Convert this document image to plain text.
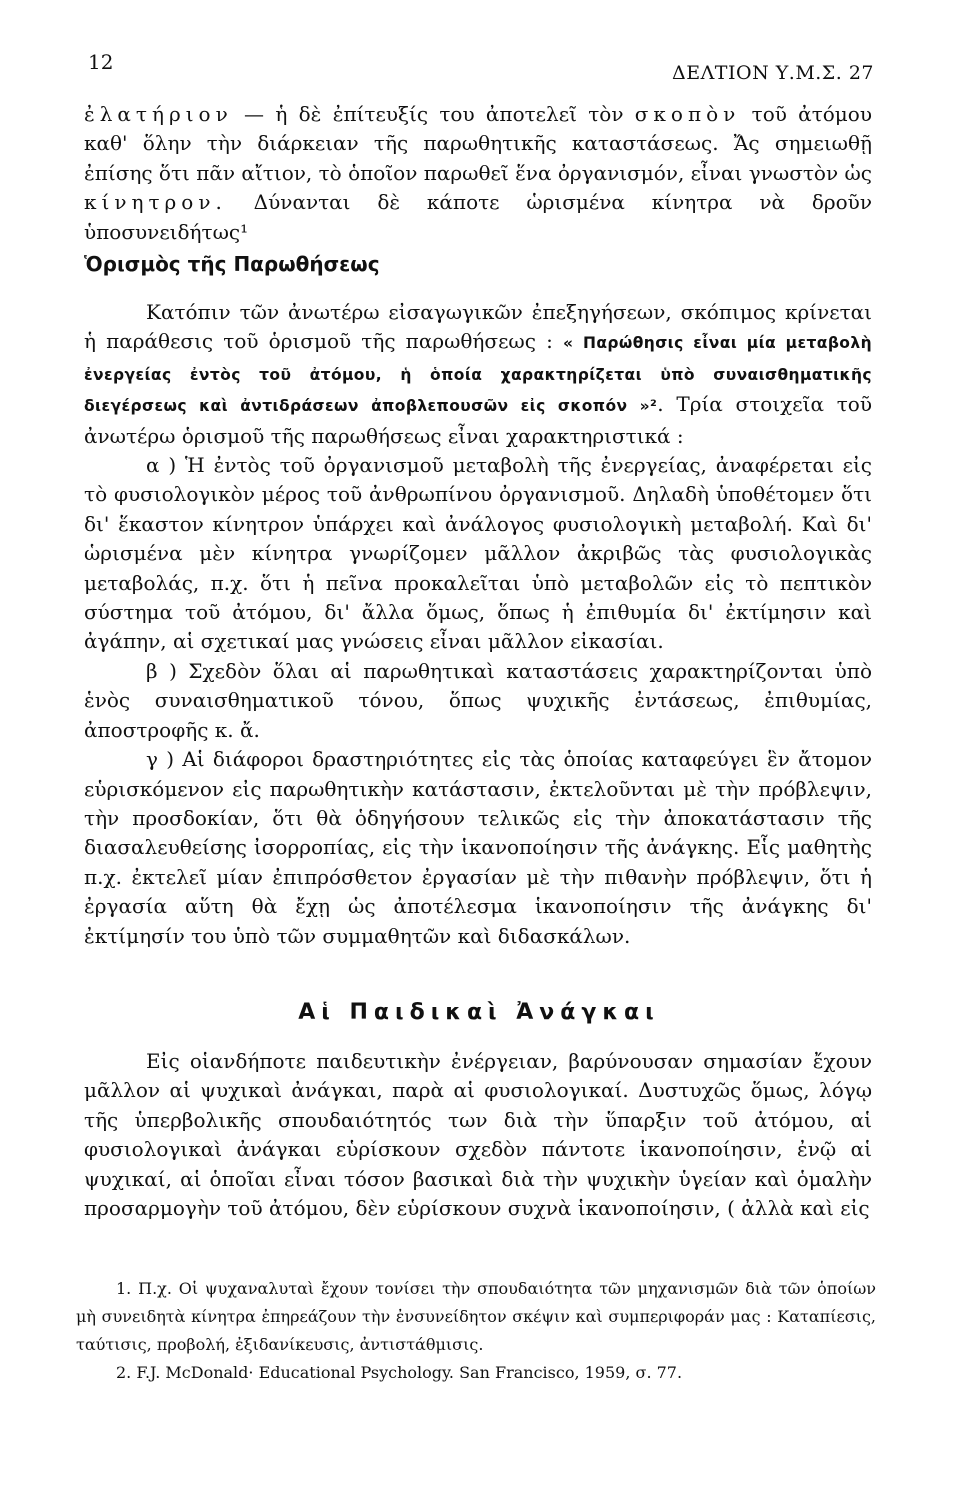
12	ΔΕΛΤΙΟΝ Υ.Μ.Σ. 27

ἐλατήριον — ἡ δὲ ἐπίτευξίς του ἀποτελεῖ τὸν σκοπὸν τοῦ ἀτόμου καθ' ὅλην τὴν διάρκειαν τῆς παρωθητικῆς καταστάσεως. Ἄς σημειωθῇ ἐπίσης ὅτι πᾶν αἴτιον, τὸ ὁποῖον παρωθεῖ ἕνα ὀργανισμόν, εἶναι γνωστὸν ὡς κίνητρον. Δύνανται δὲ κάποτε ὡρισμένα κίνητρα νὰ δροῦν ὑποσυνειδήτως¹

Ὁρισμὸς τῆς Παρωθήσεως

Κατόπιν τῶν ἀνωτέρω εἰσαγωγικῶν ἐπεξηγήσεων, σκόπιμος κρίνεται ἡ παράθεσις τοῦ ὁρισμοῦ τῆς παρωθήσεως : « Παρώθησις εἶναι μία μεταβολὴ ἐνεργείας ἐντὸς τοῦ ἀτόμου, ἡ ὁποία χαρακτηρίζεται ὑπὸ συναισθηματικῆς διεγέρσεως καὶ ἀντιδράσεων ἀποβλεπουσῶν εἰς σκοπόν »². Τρία στοιχεῖα τοῦ ἀνωτέρω ὁρισμοῦ τῆς παρωθήσεως εἶναι χαρακτηριστικά :

α ) Ἡ ἐντὸς τοῦ ὀργανισμοῦ μεταβολὴ τῆς ἐνεργείας, ἀναφέρεται εἰς τὸ φυσιολογικὸν μέρος τοῦ ἀνθρωπίνου ὀργανισμοῦ. Δηλαδὴ ὑποθέτομεν ὅτι δι' ἕκαστον κίνητρον ὑπάρχει καὶ ἀνάλογος φυσιολογικὴ μεταβολή. Καὶ δι' ὡρισμένα μὲν κίνητρα γνωρίζομεν μᾶλλον ἀκριβῶς τὰς φυσιολογικὰς μεταβολάς, π.χ. ὅτι ἡ πεῖνα προκαλεῖται ὑπὸ μεταβολῶν εἰς τὸ πεπτικὸν σύστημα τοῦ ἀτόμου, δι' ἄλλα ὅμως, ὅπως ἡ ἐπιθυμία δι' ἐκτίμησιν καὶ ἀγάπην, αἱ σχετικαί μας γνώσεις εἶναι μᾶλλον εἰκασίαι.

β ) Σχεδὸν ὅλαι αἱ παρωθητικαὶ καταστάσεις χαρακτηρίζονται ὑπὸ ἑνὸς συναισθηματικοῦ τόνου, ὅπως ψυχικῆς ἐντάσεως, ἐπιθυμίας, ἀποστροφῆς κ. ἄ.

γ ) Αἱ διάφοροι δραστηριότητες εἰς τὰς ὁποίας καταφεύγει ἓν ἄτομον εὑρισκόμενον εἰς παρωθητικὴν κατάστασιν, ἐκτελοῦνται μὲ τὴν πρόβλεψιν, τὴν προσδοκίαν, ὅτι θὰ ὁδηγήσουν τελικῶς εἰς τὴν ἀποκατάστασιν τῆς διασαλευθείσης ἰσορροπίας, εἰς τὴν ἱκανοποίησιν τῆς ἀνάγκης. Εἷς μαθητὴς π.χ. ἐκτελεῖ μίαν ἐπιπρόσθετον ἐργασίαν μὲ τὴν πιθανὴν πρόβλεψιν, ὅτι ἡ ἐργασία αὕτη θὰ ἔχῃ ὡς ἀποτέλεσμα ἱκανοποίησιν τῆς ἀνάγκης δι' ἐκτίμησίν του ὑπὸ τῶν συμμαθητῶν καὶ διδασκάλων.

Αἱ Παιδικαὶ Ἀνάγκαι

Εἰς οἱανδήποτε παιδευτικὴν ἐνέργειαν, βαρύνουσαν σημασίαν ἔχουν μᾶλλον αἱ ψυχικαὶ ἀνάγκαι, παρὰ αἱ φυσιολογικαί. Δυστυχῶς ὅμως, λόγῳ τῆς ὑπερβολικῆς σπουδαιότητός των διὰ τὴν ὕπαρξιν τοῦ ἀτόμου, αἱ φυσιολογικαὶ ἀνάγκαι εὑρίσκουν σχεδὸν πάντοτε ἱκανοποίησιν, ἐνῷ αἱ ψυχικαί, αἱ ὁποῖαι εἶναι τόσον βασικαὶ διὰ τὴν ψυχικὴν ὑγείαν καὶ ὁμαλὴν προσαρμογὴν τοῦ ἀτόμου, δὲν εὑρίσκουν συχνὰ ἱκανοποίησιν, ( ἀλλὰ καὶ εἰς

1. Π.χ. Οἱ ψυχαναλυταὶ ἔχουν τονίσει τὴν σπουδαιότητα τῶν μηχανισμῶν διὰ τῶν ὁποίων μὴ συνειδητὰ κίνητρα ἐπηρεάζουν τὴν ἐνσυνείδητον σκέψιν καὶ συμπεριφοράν μας : Καταπίεσις, ταύτισις, προβολή, ἐξιδανίκευσις, ἀντιστάθμισις.

2. F.J. McDonald· Educational Psychology. San Francisco, 1959, σ. 77.
